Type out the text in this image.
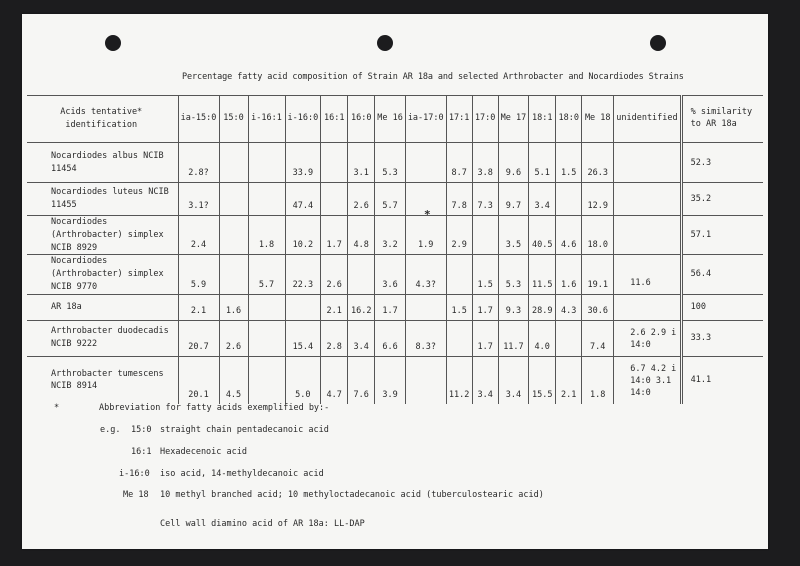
Percentage fatty acid composition of Strain AR 18a and selected Arthrobacter and Nocardiodes Strains
Acids tentative* identification	ia-15:0	15:0	i-16:1	i-16:0	16:1	16:0	Me 16	ia-17:0	17:1	17:0	Me 17	18:1	18:0	Me 18	unidentified	% similarity to AR 18a
Nocardiodes albus NCIB 11454	2.8?			33.9		3.1	5.3		8.7	3.8	9.6	5.1	1.5	26.3		52.3
Nocardiodes luteus NCIB 11455	3.1?			47.4		2.6	5.7		7.8	7.3	9.7	3.4		12.9		35.2
Nocardiodes (Arthrobacter) simplex NCIB 8929	2.4		1.8	10.2	1.7	4.8	3.2	1.9	2.9		3.5	40.5	4.6	18.0		57.1
Nocardiodes (Arthrobacter) simplex NCIB 9770	5.9		5.7	22.3	2.6		3.6	4.3?		1.5	5.3	11.5	1.6	19.1	11.6	56.4
AR 18a	2.1	1.6			2.1	16.2	1.7		1.5	1.7	9.3	28.9	4.3	30.6		100
Arthrobacter duodecadis NCIB 9222	20.7	2.6		15.4	2.8	3.4	6.6	8.3?		1.7	11.7	4.0		7.4	2.6 2.9 i 14:0	33.3
Arthrobacter tumescens NCIB 8914	20.1	4.5		5.0	4.7	7.6	3.9		11.2	3.4	3.4	15.5	2.1	1.8	6.7 4.2 i 14:0 3.1 14:0	41.1
*
*	Abbreviation for fatty acids exemplified by:-
e.g. 15:0 straight chain pentadecanoic acid
16:1 Hexadecenoic acid
i-16:0 iso acid, 14-methyldecanoic acid
Me 18 10 methyl branched acid; 10 methyloctadecanoic acid (tuberculostearic acid)
Cell wall diamino acid of AR 18a: LL-DAP
